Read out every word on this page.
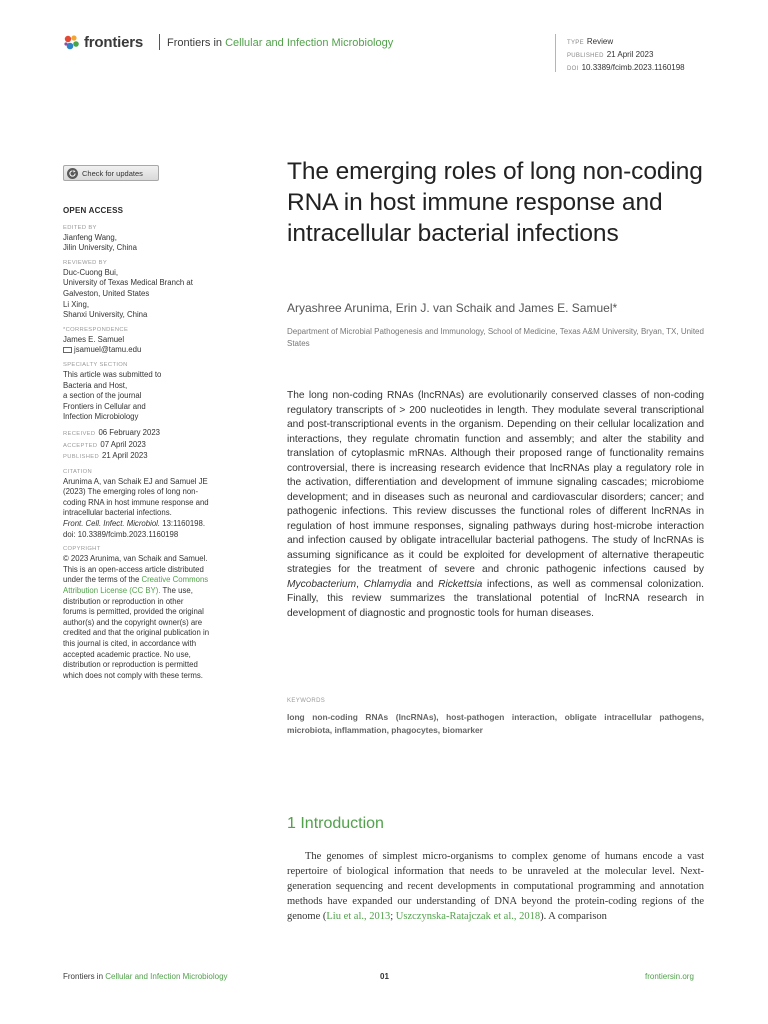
frontiers Frontiers in Cellular and Infection Microbiology	TYPE Review
PUBLISHED 21 April 2023
DOI 10.3389/fcimb.2023.1160198
Check for updates
OPEN ACCESS
EDITED BY
Jianfeng Wang,
Jilin University, China
REVIEWED BY
Duc-Cuong Bui,
University of Texas Medical Branch at
Galveston, United States
Li Xing,
Shanxi University, China
*CORRESPONDENCE
James E. Samuel
jsamuel@tamu.edu
SPECIALTY SECTION
This article was submitted to
Bacteria and Host,
a section of the journal
Frontiers in Cellular and
Infection Microbiology
RECEIVED 06 February 2023
ACCEPTED 07 April 2023
PUBLISHED 21 April 2023
CITATION
Arunima A, van Schaik EJ and Samuel JE
(2023) The emerging roles of long non-
coding RNA in host immune response and
intracellular bacterial infections.
Front. Cell. Infect. Microbiol. 13:1160198.
doi: 10.3389/fcimb.2023.1160198
COPYRIGHT
© 2023 Arunima, van Schaik and Samuel.
This is an open-access article distributed
under the terms of the Creative Commons
Attribution License (CC BY). The use,
distribution or reproduction in other
forums is permitted, provided the original
author(s) and the copyright owner(s) are
credited and that the original publication in
this journal is cited, in accordance with
accepted academic practice. No use,
distribution or reproduction is permitted
which does not comply with these terms.
The emerging roles of long non-coding RNA in host immune response and intracellular bacterial infections
Aryashree Arunima, Erin J. van Schaik and James E. Samuel*
Department of Microbial Pathogenesis and Immunology, School of Medicine, Texas A&M University, Bryan, TX, United States
The long non-coding RNAs (lncRNAs) are evolutionarily conserved classes of non-coding regulatory transcripts of > 200 nucleotides in length. They modulate several transcriptional and post-transcriptional events in the organism. Depending on their cellular localization and interactions, they regulate chromatin function and assembly; and alter the stability and translation of cytoplasmic mRNAs. Although their proposed range of functionality remains controversial, there is increasing research evidence that lncRNAs play a regulatory role in the activation, differentiation and development of immune signaling cascades; microbiome development; and in diseases such as neuronal and cardiovascular disorders; cancer; and pathogenic infections. This review discusses the functional roles of different lncRNAs in regulation of host immune responses, signaling pathways during host-microbe interaction and infection caused by obligate intracellular bacterial pathogens. The study of lncRNAs is assuming significance as it could be exploited for development of alternative therapeutic strategies for the treatment of severe and chronic pathogenic infections caused by Mycobacterium, Chlamydia and Rickettsia infections, as well as commensal colonization. Finally, this review summarizes the translational potential of lncRNA research in development of diagnostic and prognostic tools for human diseases.
KEYWORDS
long non-coding RNAs (lncRNAs), host-pathogen interaction, obligate intracellular pathogens, microbiota, inflammation, phagocytes, biomarker
1 Introduction
The genomes of simplest micro-organisms to complex genome of humans encode a vast repertoire of biological information that needs to be unraveled at the molecular level. Next-generation sequencing and recent developments in computational programming and annotation methods have expanded our understanding of DNA beyond the protein-coding regions of the genome (Liu et al., 2013; Uszczynska-Ratajczak et al., 2018). A comparison
Frontiers in Cellular and Infection Microbiology	01	frontiersin.org
